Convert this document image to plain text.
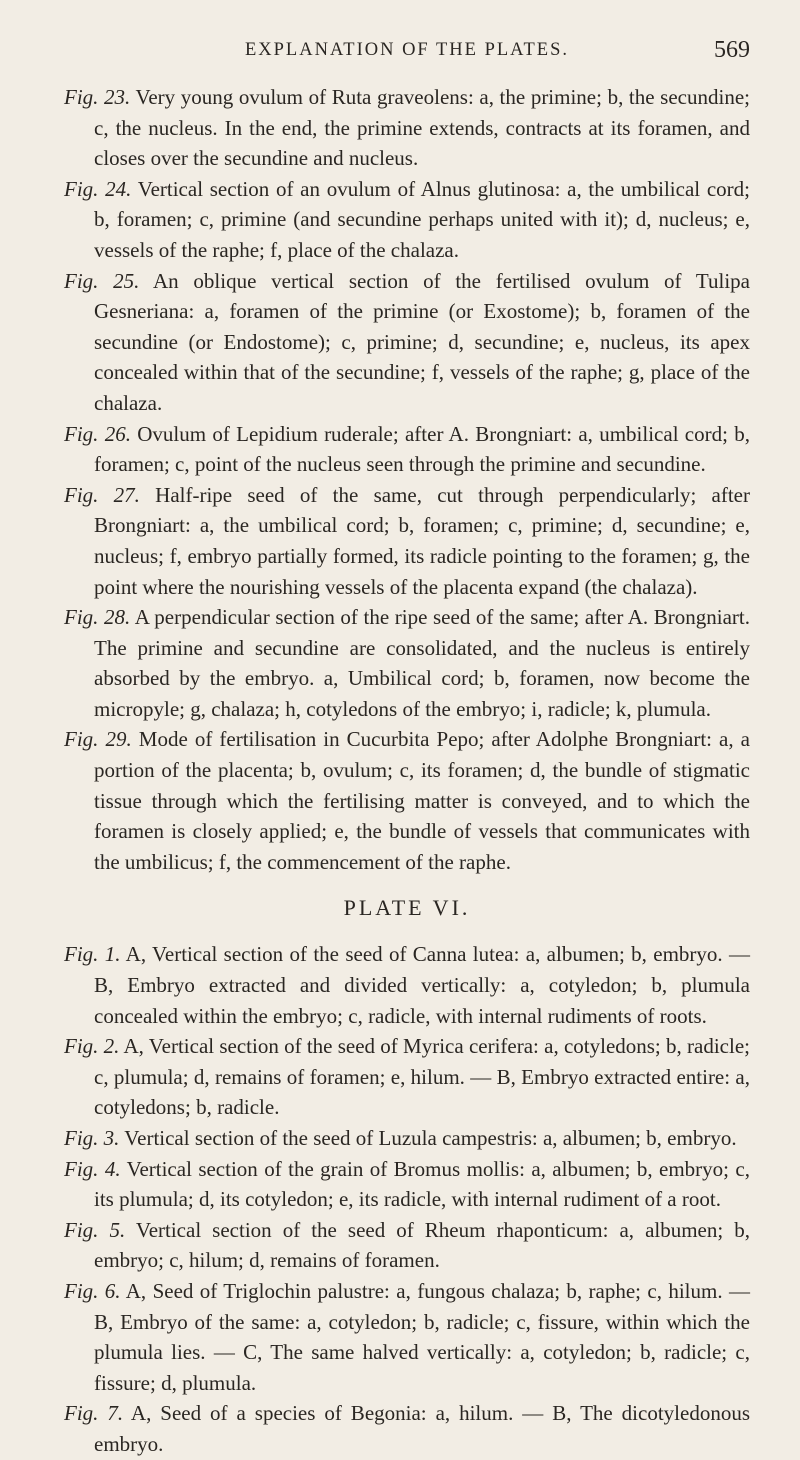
EXPLANATION OF THE PLATES.	569

Fig. 23. Very young ovulum of Ruta graveolens: a, the primine; b, the secundine; c, the nucleus. In the end, the primine extends, contracts at its foramen, and closes over the secundine and nucleus.

Fig. 24. Vertical section of an ovulum of Alnus glutinosa: a, the umbilical cord; b, foramen; c, primine (and secundine perhaps united with it); d, nucleus; e, vessels of the raphe; f, place of the chalaza.

Fig. 25. An oblique vertical section of the fertilised ovulum of Tulipa Gesneriana: a, foramen of the primine (or Exostome); b, foramen of the secundine (or Endostome); c, primine; d, secundine; e, nucleus, its apex concealed within that of the secundine; f, vessels of the raphe; g, place of the chalaza.

Fig. 26. Ovulum of Lepidium ruderale; after A. Brongniart: a, umbilical cord; b, foramen; c, point of the nucleus seen through the primine and secundine.

Fig. 27. Half-ripe seed of the same, cut through perpendicularly; after Brongniart: a, the umbilical cord; b, foramen; c, primine; d, secundine; e, nucleus; f, embryo partially formed, its radicle pointing to the foramen; g, the point where the nourishing vessels of the placenta expand (the chalaza).

Fig. 28. A perpendicular section of the ripe seed of the same; after A. Brongniart. The primine and secundine are consolidated, and the nucleus is entirely absorbed by the embryo. a, Umbilical cord; b, foramen, now become the micropyle; g, chalaza; h, cotyledons of the embryo; i, radicle; k, plumula.

Fig. 29. Mode of fertilisation in Cucurbita Pepo; after Adolphe Brongniart: a, a portion of the placenta; b, ovulum; c, its foramen; d, the bundle of stigmatic tissue through which the fertilising matter is conveyed, and to which the foramen is closely applied; e, the bundle of vessels that communicates with the umbilicus; f, the commencement of the raphe.

PLATE VI.

Fig. 1. A, Vertical section of the seed of Canna lutea: a, albumen; b, embryo. —B, Embryo extracted and divided vertically: a, cotyledon; b, plumula concealed within the embryo; c, radicle, with internal rudiments of roots.

Fig. 2. A, Vertical section of the seed of Myrica cerifera: a, cotyledons; b, radicle; c, plumula; d, remains of foramen; e, hilum. — B, Embryo extracted entire: a, cotyledons; b, radicle.

Fig. 3. Vertical section of the seed of Luzula campestris: a, albumen; b, embryo.

Fig. 4. Vertical section of the grain of Bromus mollis: a, albumen; b, embryo; c, its plumula; d, its cotyledon; e, its radicle, with internal rudiment of a root.

Fig. 5. Vertical section of the seed of Rheum rhaponticum: a, albumen; b, embryo; c, hilum; d, remains of foramen.

Fig. 6. A, Seed of Triglochin palustre: a, fungous chalaza; b, raphe; c, hilum. — B, Embryo of the same: a, cotyledon; b, radicle; c, fissure, within which the plumula lies. — C, The same halved vertically: a, cotyledon; b, radicle; c, fissure; d, plumula.

Fig. 7. A, Seed of a species of Begonia: a, hilum. — B, The dicotyledonous embryo.
